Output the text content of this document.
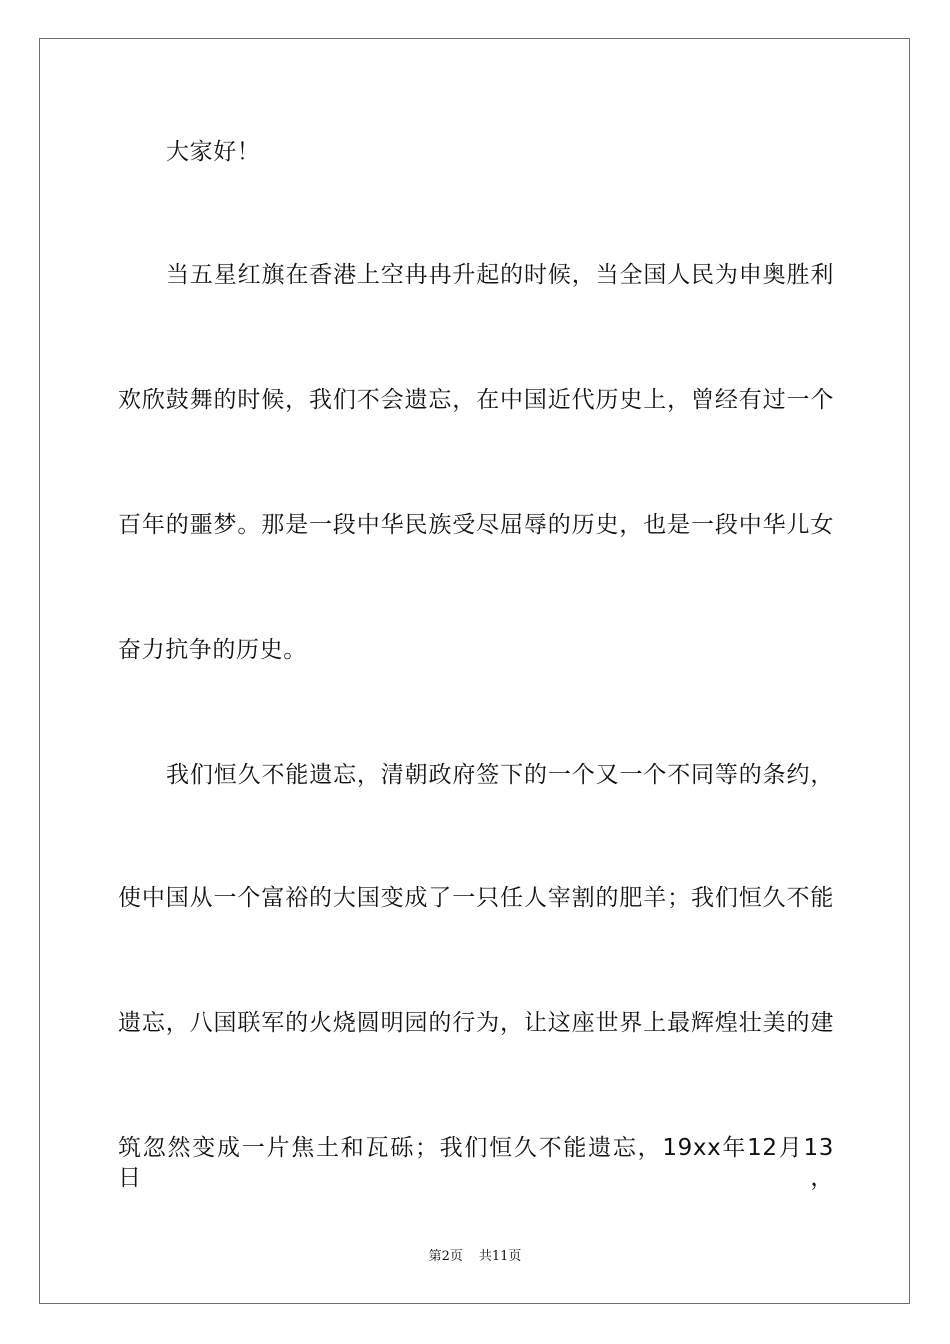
大家好！

当五星红旗在香港上空冉冉升起的时候，当全国人民为申奥胜利

欢欣鼓舞的时候，我们不会遗忘，在中国近代历史上，曾经有过一个

百年的噩梦。那是一段中华民族受尽屈辱的历史，也是一段中华儿女

奋力抗争的历史。

我们恒久不能遗忘，清朝政府签下的一个又一个不同等的条约，

使中国从一个富裕的大国变成了一只任人宰割的肥羊；我们恒久不能

遗忘，八国联军的火烧圆明园的行为，让这座世界上最辉煌壮美的建

筑忽然变成一片焦土和瓦砾；我们恒久不能遗忘，19xx年12月13日，

第2页 共11页
